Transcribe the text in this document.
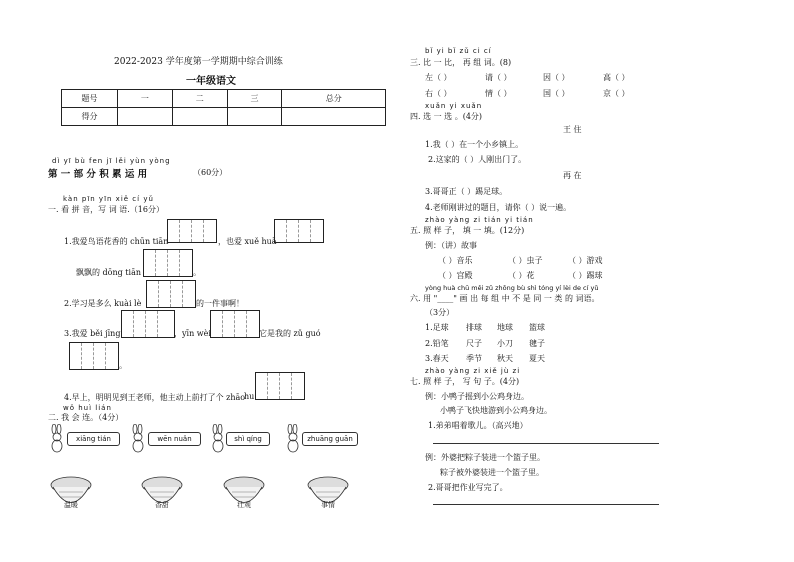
2022-2023 学年度第一学期期中综合训练
一年级语文
题号	一	二	三	总分
得分				
dì yī bù fen jī lěi yùn yòng
第 一 部 分 积 累 运 用	（60分）
kàn pīn yīn xiě cí yǔ
一. 看 拼 音，写 词 语.（16分）
1.我爱鸟语花香的 chūn tiān	，也爱 xuě huā
飘飘的 dōng tiān	。
2.学习是多么 kuài lè	的一件事啊！
3.我爱 běi jīng	，yīn wèi	它是我的 zǔ guó
。
4.早上，明明见到王老师，他主动上前打了个 zhāo
hu
wǒ huì lián
二. 我 会 连。（4分）
xiāng tián	wēn nuǎn	shì qíng	zhuāng guān
温暖	香甜	壮观	事情
bǐ yi bǐ zǔ ci cí
三. 比 一 比， 再 组 词。(8)
左（ ）	请（ ）	因（ ）	高（ ）
右（ ）	情（ ）	国（ ）	京（ ）
xuǎn yi xuǎn
四. 选 一 选 。(4分)
王 住
1.我（ ）在一个小乡镇上。
2.这家的（ ）人刚出门了。
再 在
3.哥哥正（ ）踢足球。
4.老师刚讲过的题目，请你（ ）说一遍。
zhào yàng zi tián yi tián
五. 照 样 子， 填 一 填。(12分)
例：（讲）故事
（ ）音乐	（ ）虫子	（ ）游戏
（ ）宫殿	（ ）花	（ ）踢球
yòng huà chū měi zǔ zhōng bù shì tóng yí lèi de cí yǔ
六. 用 "____" 画 出 每 组 中 不 是 同 一 类 的 词语。
（3分）
1.足球 排球 地球 篮球
2.铅笔 尺子 小刀 毽子
3.春天 季节 秋天 夏天
zhào yàng zi xiě jù zi
七. 照 样 子， 写 句 子。(4分)
例：小鸭子摇到小公鸡身边。
小鸭子飞快地游到小公鸡身边。
1.弟弟唱着歌儿。（高兴地）
例：外婆把粽子装进一个篮子里。
粽子被外婆装进一个篮子里。
2.哥哥把作业写完了。
